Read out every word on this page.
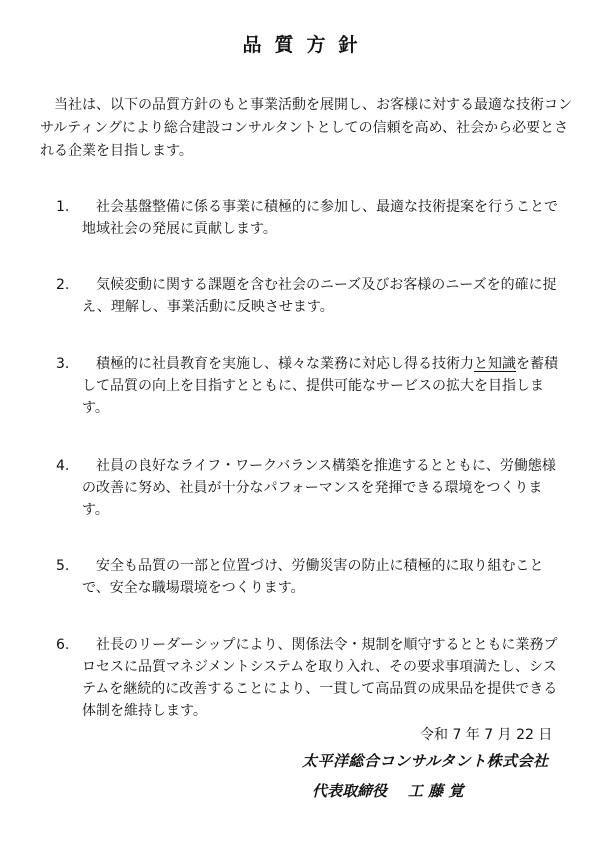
品質方針
当社は、以下の品質方針のもと事業活動を展開し、お客様に対する最適な技術コンサルティングにより総合建設コンサルタントとしての信頼を高め、社会から必要とされる企業を目指します。
1.	社会基盤整備に係る事業に積極的に参加し、最適な技術提案を行うことで地域社会の発展に貢献します。
2.	気候変動に関する課題を含む社会のニーズ及びお客様のニーズを的確に捉え、理解し、事業活動に反映させます。
3.	積極的に社員教育を実施し、様々な業務に対応し得る技術力と知識を蓄積して品質の向上を目指すとともに、提供可能なサービスの拡大を目指します。
4.	社員の良好なライフ・ワークバランス構築を推進するとともに、労働態様の改善に努め、社員が十分なパフォーマンスを発揮できる環境をつくります。
5.	安全も品質の一部と位置づけ、労働災害の防止に積極的に取り組むことで、安全な職場環境をつくります。
6.	社長のリーダーシップにより、関係法令・規制を順守するとともに業務プロセスに品質マネジメントシステムを取り入れ、その要求事項満たし、システムを継続的に改善することにより、一貫して高品質の成果品を提供できる体制を維持します。
令和 7 年 7 月 22 日
太平洋総合コンサルタント株式会社
代表取締役 工 藤 覚
